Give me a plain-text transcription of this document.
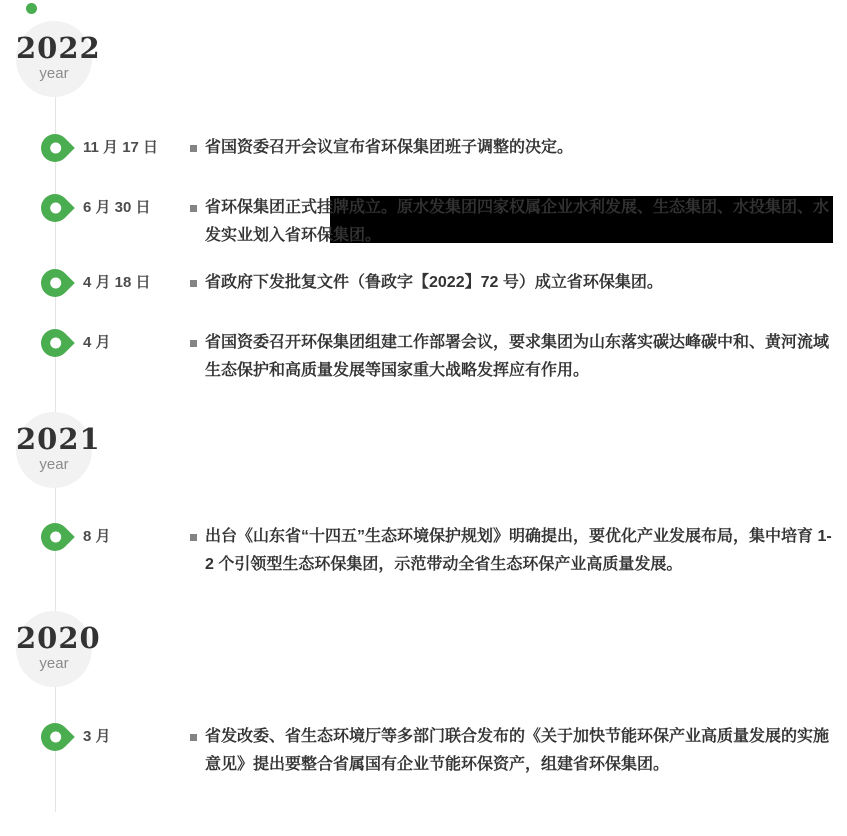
2022
year
11 月 17 日	省国资委召开会议宣布省环保集团班子调整的决定。
6 月 30 日	省环保集团正式挂牌成立。原水发集团四家权属企业水利发展、生态集团、水投集团、水发实业划入省环保集团。
4 月 18 日	省政府下发批复文件（鲁政字【2022】72 号）成立省环保集团。
4 月	省国资委召开环保集团组建工作部署会议，要求集团为山东落实碳达峰碳中和、黄河流域生态保护和高质量发展等国家重大战略发挥应有作用。
2021
year
8 月	出台《山东省“十四五”生态环境保护规划》明确提出，要优化产业发展布局，集中培育 1-2 个引领型生态环保集团，示范带动全省生态环保产业高质量发展。
2020
year
3 月	省发改委、省生态环境厅等多部门联合发布的《关于加快节能环保产业高质量发展的实施意见》提出要整合省属国有企业节能环保资产，组建省环保集团。
